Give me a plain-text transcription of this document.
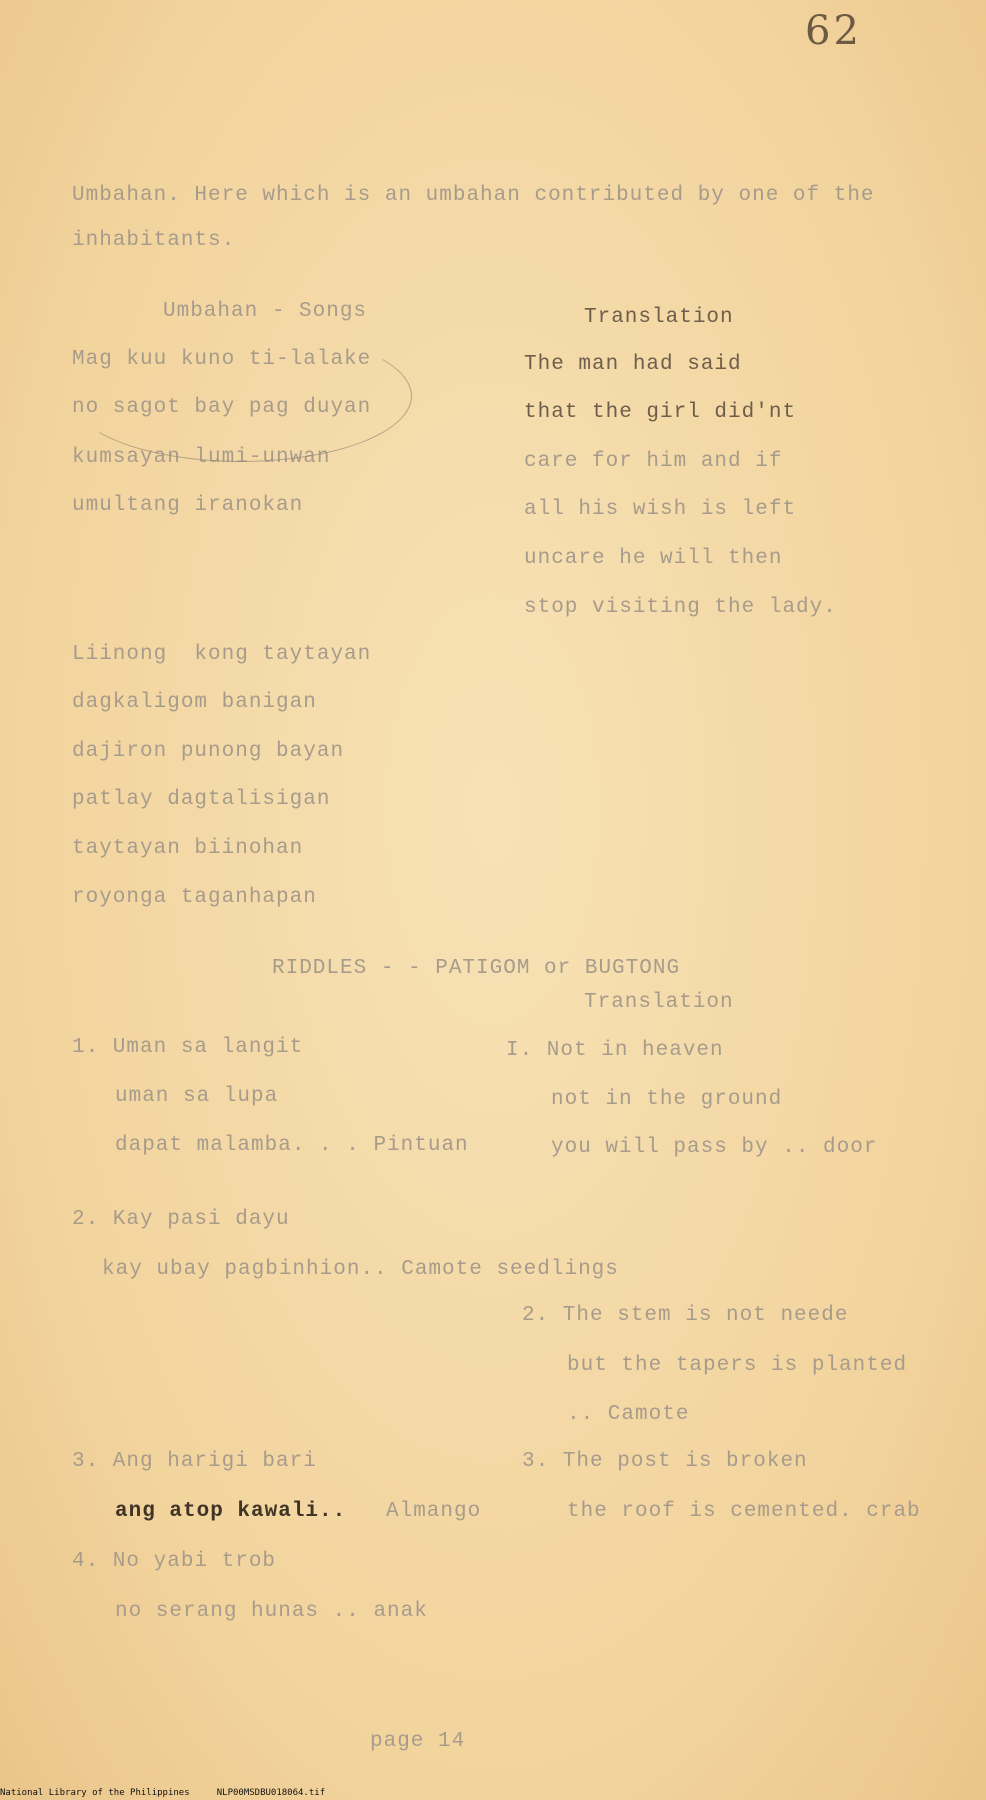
62
Umbahan. Here which is an umbahan contributed by one of the
inhabitants.
Umbahan - Songs	Translation
Mag kuu kuno ti-lalake
no sagot bay pag duyan
kumsayan lumi-unwan
umultang iranokan
The man had said
that the girl did'nt
care for him and if
all his wish is left
uncare he will then
stop visiting the lady.
Liinong  kong taytayan
dagkaligom banigan
dajiron punong bayan
patlay dagtalisigan
taytayan biinohan
royonga taganhapan
RIDDLES - - PATIGOM or BUGTONG
Translation
1. Uman sa langit
uman sa lupa
dapat malamba. . . Pintuan
I. Not in heaven
not in the ground
you will pass by .. door
2. Kay pasi dayu
kay ubay pagbinhion.. Camote seedlings
2. The stem is not neede
but the tapers is planted
.. Camote
3. Ang harigi bari
ang atop kawali.. Almango
3. The post is broken
the roof is cemented. crab
4. No yabi trob
no serang hunas .. anak
page 14
National Library of the Philippines     NLP00MSDBU018064.tif
